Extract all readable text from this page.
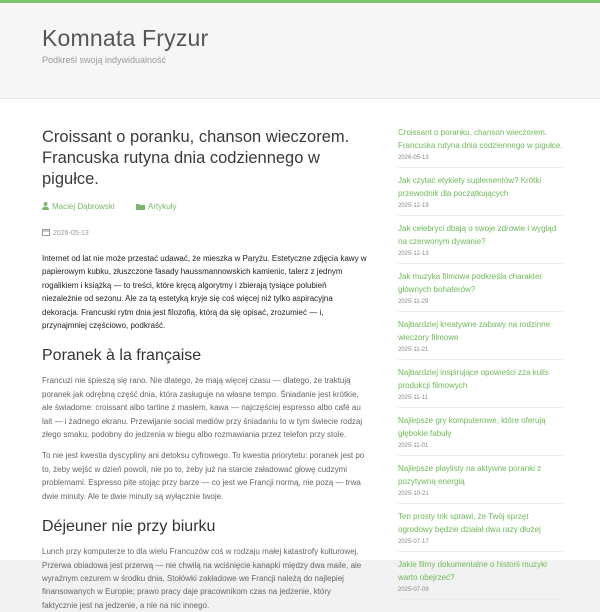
Komnata Fryzur
Podkreśl swoją indywidualność
Croissant o poranku, chanson wieczorem. Francuska rutyna dnia codziennego w pigułce.
Maciej Dąbrowski	Artykuły
2026-05-13

Internet od lat nie może przestać udawać, że mieszka w Paryżu. Estetyczne zdjęcia kawy w papierowym kubku, złuszczone fasady haussmannowskich kamienic, talerz z jednym rogalikiem i książką — to treści, które kręcą algorytmy i zbierają tysiące polubień niezależnie od sezonu. Ale za tą estetyką kryje się coś więcej niż tylko aspiracyjna dekoracja. Francuski rytm dnia jest filozofią, którą da się opisać, zrozumieć — i, przynajmniej częściowo, podkraść.

Poranek à la française

Francuzi nie śpieszą się rano. Nie dlatego, że mają więcej czasu — dlatego, że traktują poranek jak odrębną część dnia, która zasługuje na własne tempo. Śniadanie jest krótkie, ale świadome: croissant albo tartine z masłem, kawa — najczęściej espresso albo café au lait — i żadnego ekranu. Przewijanie social mediów przy śniadaniu to w tym świecie rodzaj złego smaku, podobny do jedzenia w biegu albo rozmawiania przez telefon przy stole.

To nie jest kwestia dyscypliny ani detoksu cyfrowego. To kwestia priorytetu: poranek jest po to, żeby wejść w dzień powoli, nie po to, żeby już na starcie załadować głowę cudzymi problemami. Espresso pite stojąc przy barze — co jest we Francji normą, nie pozą — trwa dwie minuty. Ale te dwie minuty są wyłącznie twoje.

Déjeuner nie przy biurku

Lunch przy komputerze to dla wielu Francuzów coś w rodzaju małej katastrofy kulturowej. Przerwa obiadowa jest przerwą — nie chwilą na wciśnięcie kanapki między dwa maile, ale wyraźnym cezurem w środku dnia. Stołówki zakładowe we Francji należą do najlepiej finansowanych w Europie; prawo pracy daje pracownikom czas na jedzenie, który faktycznie jest na jedzenie, a nie na nic innego.

Croissant o poranku, chanson wieczorem. Francuska rutyna dnia codziennego w pigułce.
2026-05-13
Jak czytać etykiety suplementów? Krótki przewodnik dla początkujących
2025-12-19
Jak celebryci dbają o swoje zdrowie i wygląd na czerwonym dywanie?
2025-12-13
Jak muzyka filmowa podkreśla charakter głównych bohaterów?
2025-11-29
Najbardziej kreatywne zabawy na rodzinne wieczory filmowe
2025-11-21
Najbardziej inspirujące opowieści zza kulis produkcji filmowych
2025-11-11
Najlepsze gry komputerowe, które oferują głębokie fabuły
2025-11-01
Najlepsze playlisty na aktywne poranki z pozytywną energią
2025-10-21
Ten prosty trik sprawi, że Twój sprzęt ogrodowy będzie działał dwa razy dłużej
2025-07-17
Jakie filmy dokumentalne o historii muzyki warto obejrzeć?
2025-07-09
